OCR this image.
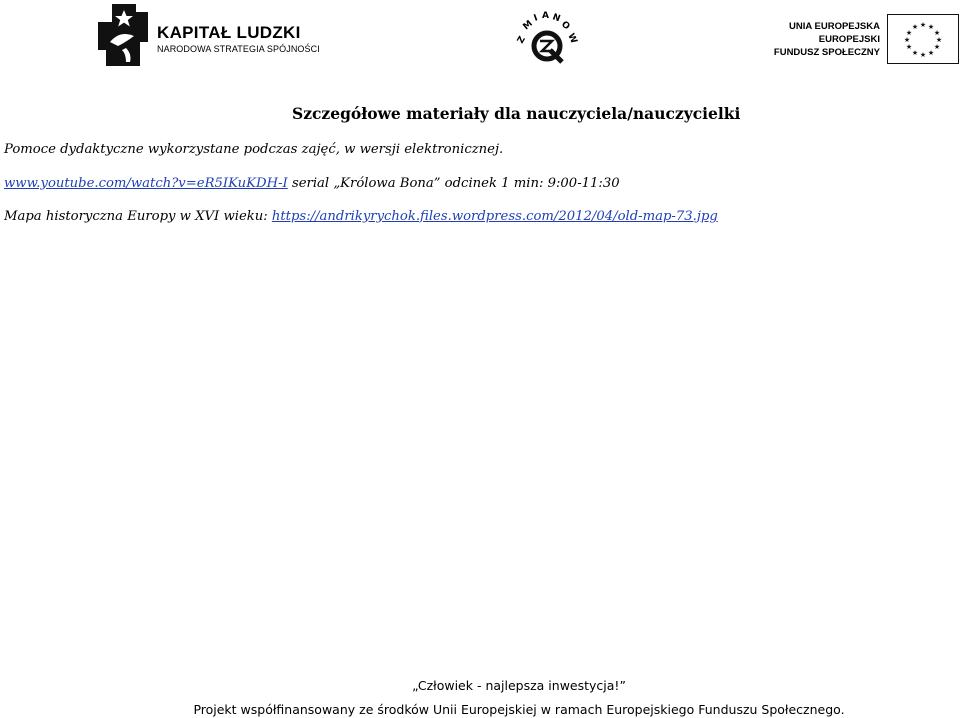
KAPITAŁ LUDZKI
NARODOWA STRATEGIA SPÓJNOŚCI
Z
M
I A N
O
W
UNIA EUROPEJSKA
EUROPEJSKI
FUNDUSZ SPOŁECZNY
★ ★
★
★
★
★
★
★
★
★
★
★
Szczegółowe materiały dla nauczyciela/nauczycielki
Pomoce dydaktyczne wykorzystane podczas zajęć, w wersji elektronicznej.
www.youtube.com/watch?v=eR5IKuKDH-I serial „Królowa Bona” odcinek 1 min: 9:00-11:30
Mapa historyczna Europy w XVI wieku: https://andrikyrychok.files.wordpress.com/2012/04/old-map-73.jpg
„Człowiek - najlepsza inwestycja!”
Projekt współfinansowany ze środków Unii Europejskiej w ramach Europejskiego Funduszu Społecznego.
